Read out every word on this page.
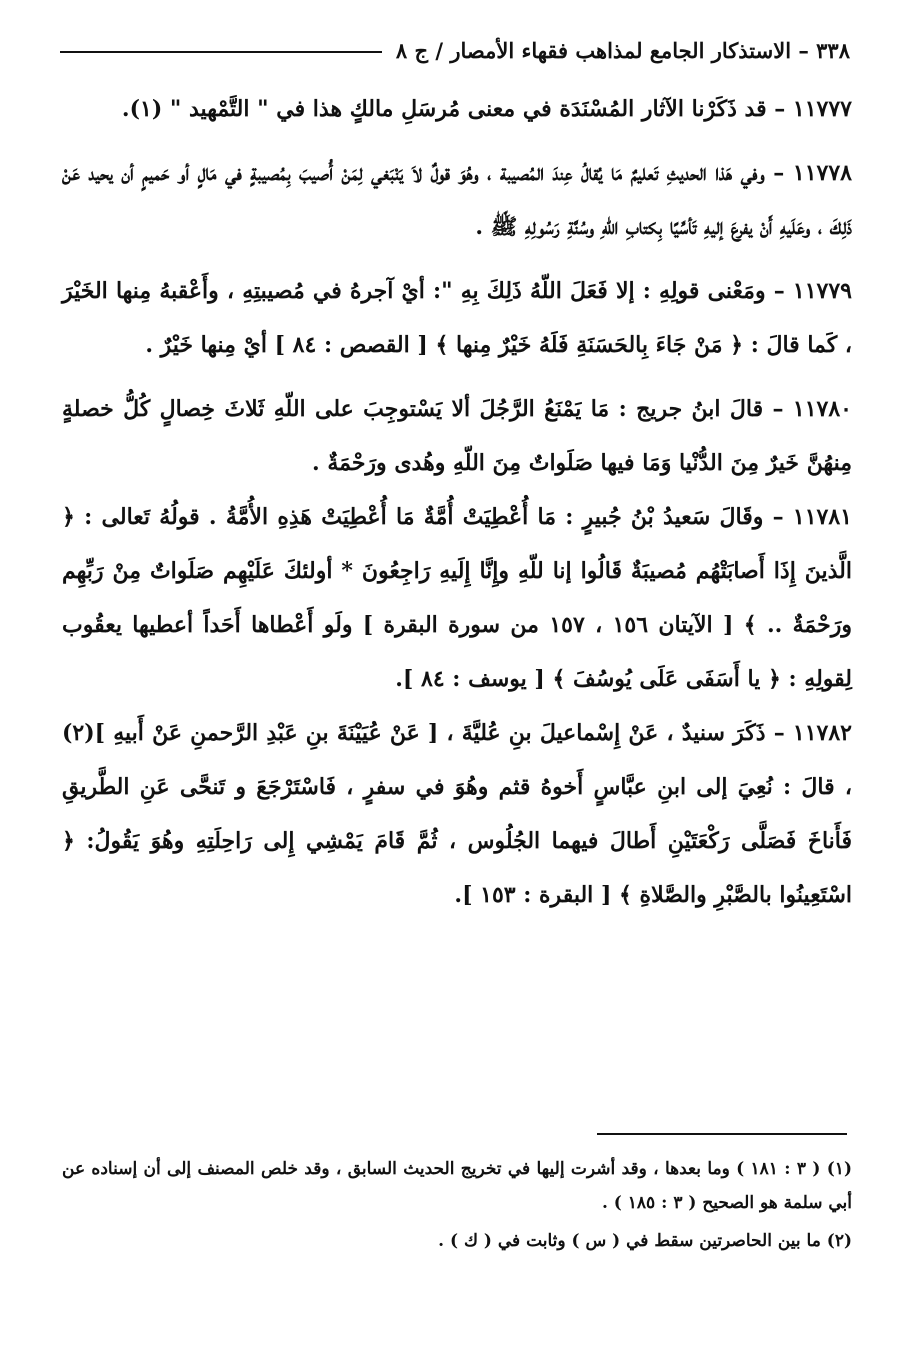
٣٣٨ – الاستذكار الجامع لمذاهب فقهاء الأمصار / ج ٨

١١٧٧٧ – قد ذَكَرْنا الآثار المُسْنَدَة في معنى مُرسَلِ مالكٍ هذا في " التَّمْهيد " (١).

١١٧٧٨ – وفي هَذا الحديثِ تَعليمٌ مَا يُقالُ عِندَ المُصيبة ، وهُوَ قولٌ لاَ يَنْبَغي لِمَنْ أُصيبَ بِمُصيبةٍ في مَالٍ أو حَميمٍ أن يحيد عَنْ ذَلِكَ ، وعَلَيهِ أَنْ يفرعَ إليهِ تَأسِّيًا بِكتابِ اللّهِ وسُنَّةِ رَسُولِهِ ﷺ .

١١٧٧٩ – ومَعْنى قولِهِ : إلا فَعَلَ اللّهُ ذَلِكَ بِهِ ": أيْ آجرهُ في مُصيبتِهِ ، وأَعْقبهُ مِنها الخَيْرَ ، كَما قالَ : ﴿ مَنْ جَاءَ بِالحَسَنَةِ فَلَهُ خَيْرٌ مِنها ﴾ [ القصص : ٨٤ ] أيْ مِنها خَيْرٌ .

١١٧٨٠ – قالَ ابنُ جريج : مَا يَمْنَعُ الرَّجُلَ ألا يَسْتوجِبَ على اللّهِ ثَلاثَ خِصالٍ كُلُّ خصلةٍ مِنهُنَّ خَيرٌ مِنَ الدُّنْيا وَمَا فيها صَلَواتٌ مِنَ اللّهِ وهُدى ورَحْمَةٌ .

١١٧٨١ – وقَالَ سَعيدُ بْنُ جُبيرٍ : مَا أُعْطِيَتْ أُمَّةٌ مَا أُعْطِيَتْ هَذِهِ الأُمَّةُ . قولُهُ تَعالى : ﴿ الَّذينَ إِذَا أَصابَتْهُم مُصيبَةٌ قَالُوا إنا للّهِ وإِنَّا إِلَيهِ رَاجِعُونَ * أولئكَ عَلَيْهِم صَلَواتٌ مِنْ رَبِّهِم ورَحْمَةٌ .. ﴾ [ الآيتان ١٥٦ ، ١٥٧ من سورة البقرة ] ولَو أَعْطاها أَحَداً أعطيها يعقُوب لِقولِهِ : ﴿ يا أَسَفَى عَلَى يُوسُفَ ﴾ [ يوسف : ٨٤ ].

١١٧٨٢ – ذَكَرَ سنيدٌ ، عَنْ إِسْماعيلَ بنِ عُليَّةَ ، [ عَنْ عُيَيْنَةَ بنِ عَبْدِ الرَّحمنِ عَنْ أَبيهِ ](٢) ، قالَ : نُعِيَ إلى ابنِ عبَّاسٍ أَخوهُ قثم وهُوَ في سفرٍ ، فَاسْتَرْجَعَ و تَنحَّى عَنِ الطَّريقِ فَأَناخَ فَصَلَّى رَكْعَتَيْنِ أَطالَ فيهما الجُلُوس ، ثُمَّ قَامَ يَمْشِي إِلى رَاحِلَتِهِ وهُوَ يَقُولُ: ﴿ اسْتَعِينُوا بالصَّبْرِ والصَّلاةِ ﴾ [ البقرة : ١٥٣ ].

(١) ( ٣ : ١٨١ ) وما بعدها ، وقد أشرت إليها في تخريج الحديث السابق ، وقد خلص المصنف إلى أن إسناده عن أبي سلمة هو الصحيح ( ٣ : ١٨٥ ) .

(٢) ما بين الحاصرتين سقط في ( س ) وثابت في ( ك ) .
